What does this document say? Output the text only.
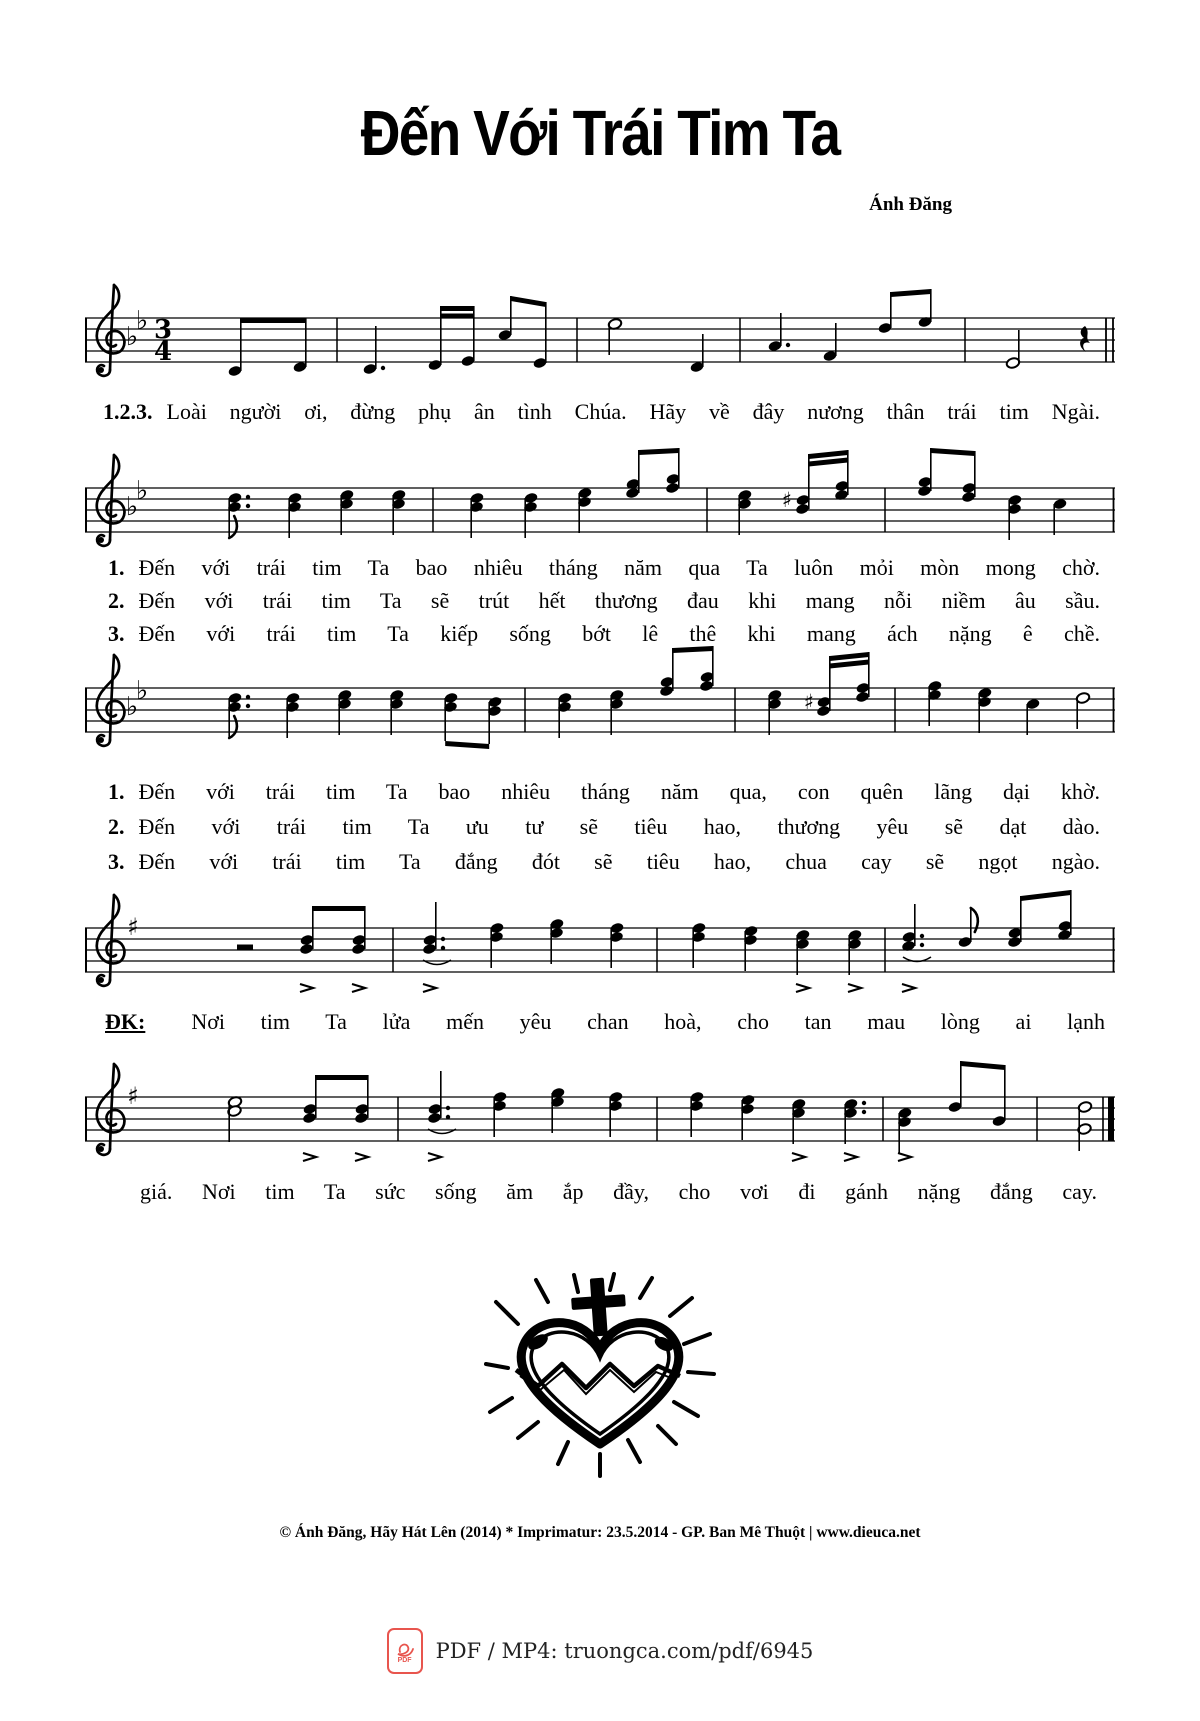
Đến Với Trái Tim Ta
Ánh Đăng
♭
♭ 3
4
1.2.3. Loài người ơi, đừng phụ ân tình Chúa. Hãy về đây nương thân trái tim Ngài.
♭
♭	♯
1. Đến với trái tim Ta bao nhiêu tháng năm qua Ta luôn mỏi mòn mong chờ.
2. Đến với trái tim Ta sẽ trút hết thương đau khi mang nỗi niềm âu sầu.
3. Đến với trái tim Ta kiếp sống bớt lê thê khi mang ách nặng ê chề.
♭
♭	♯
1. Đến với trái tim Ta bao nhiêu tháng năm qua, con quên lãng dại khờ.
2. Đến với trái tim Ta ưu tư sẽ tiêu hao, thương yêu sẽ dạt dào.
3. Đến với trái tim Ta đắng đót sẽ tiêu hao, chua cay sẽ ngọt ngào.
♯
ĐK: Nơi tim Ta lửa mến yêu chan hoà, cho tan mau lòng ai lạnh
♯
giá. Nơi tim Ta sức sống ăm ắp đầy, cho vơi đi gánh nặng đắng cay.
© Ánh Đăng, Hãy Hát Lên (2014) * Imprimatur: 23.5.2014 - GP. Ban Mê Thuột | www.dieuca.net
PDF PDF / MP4: truongca.com/pdf/6945
